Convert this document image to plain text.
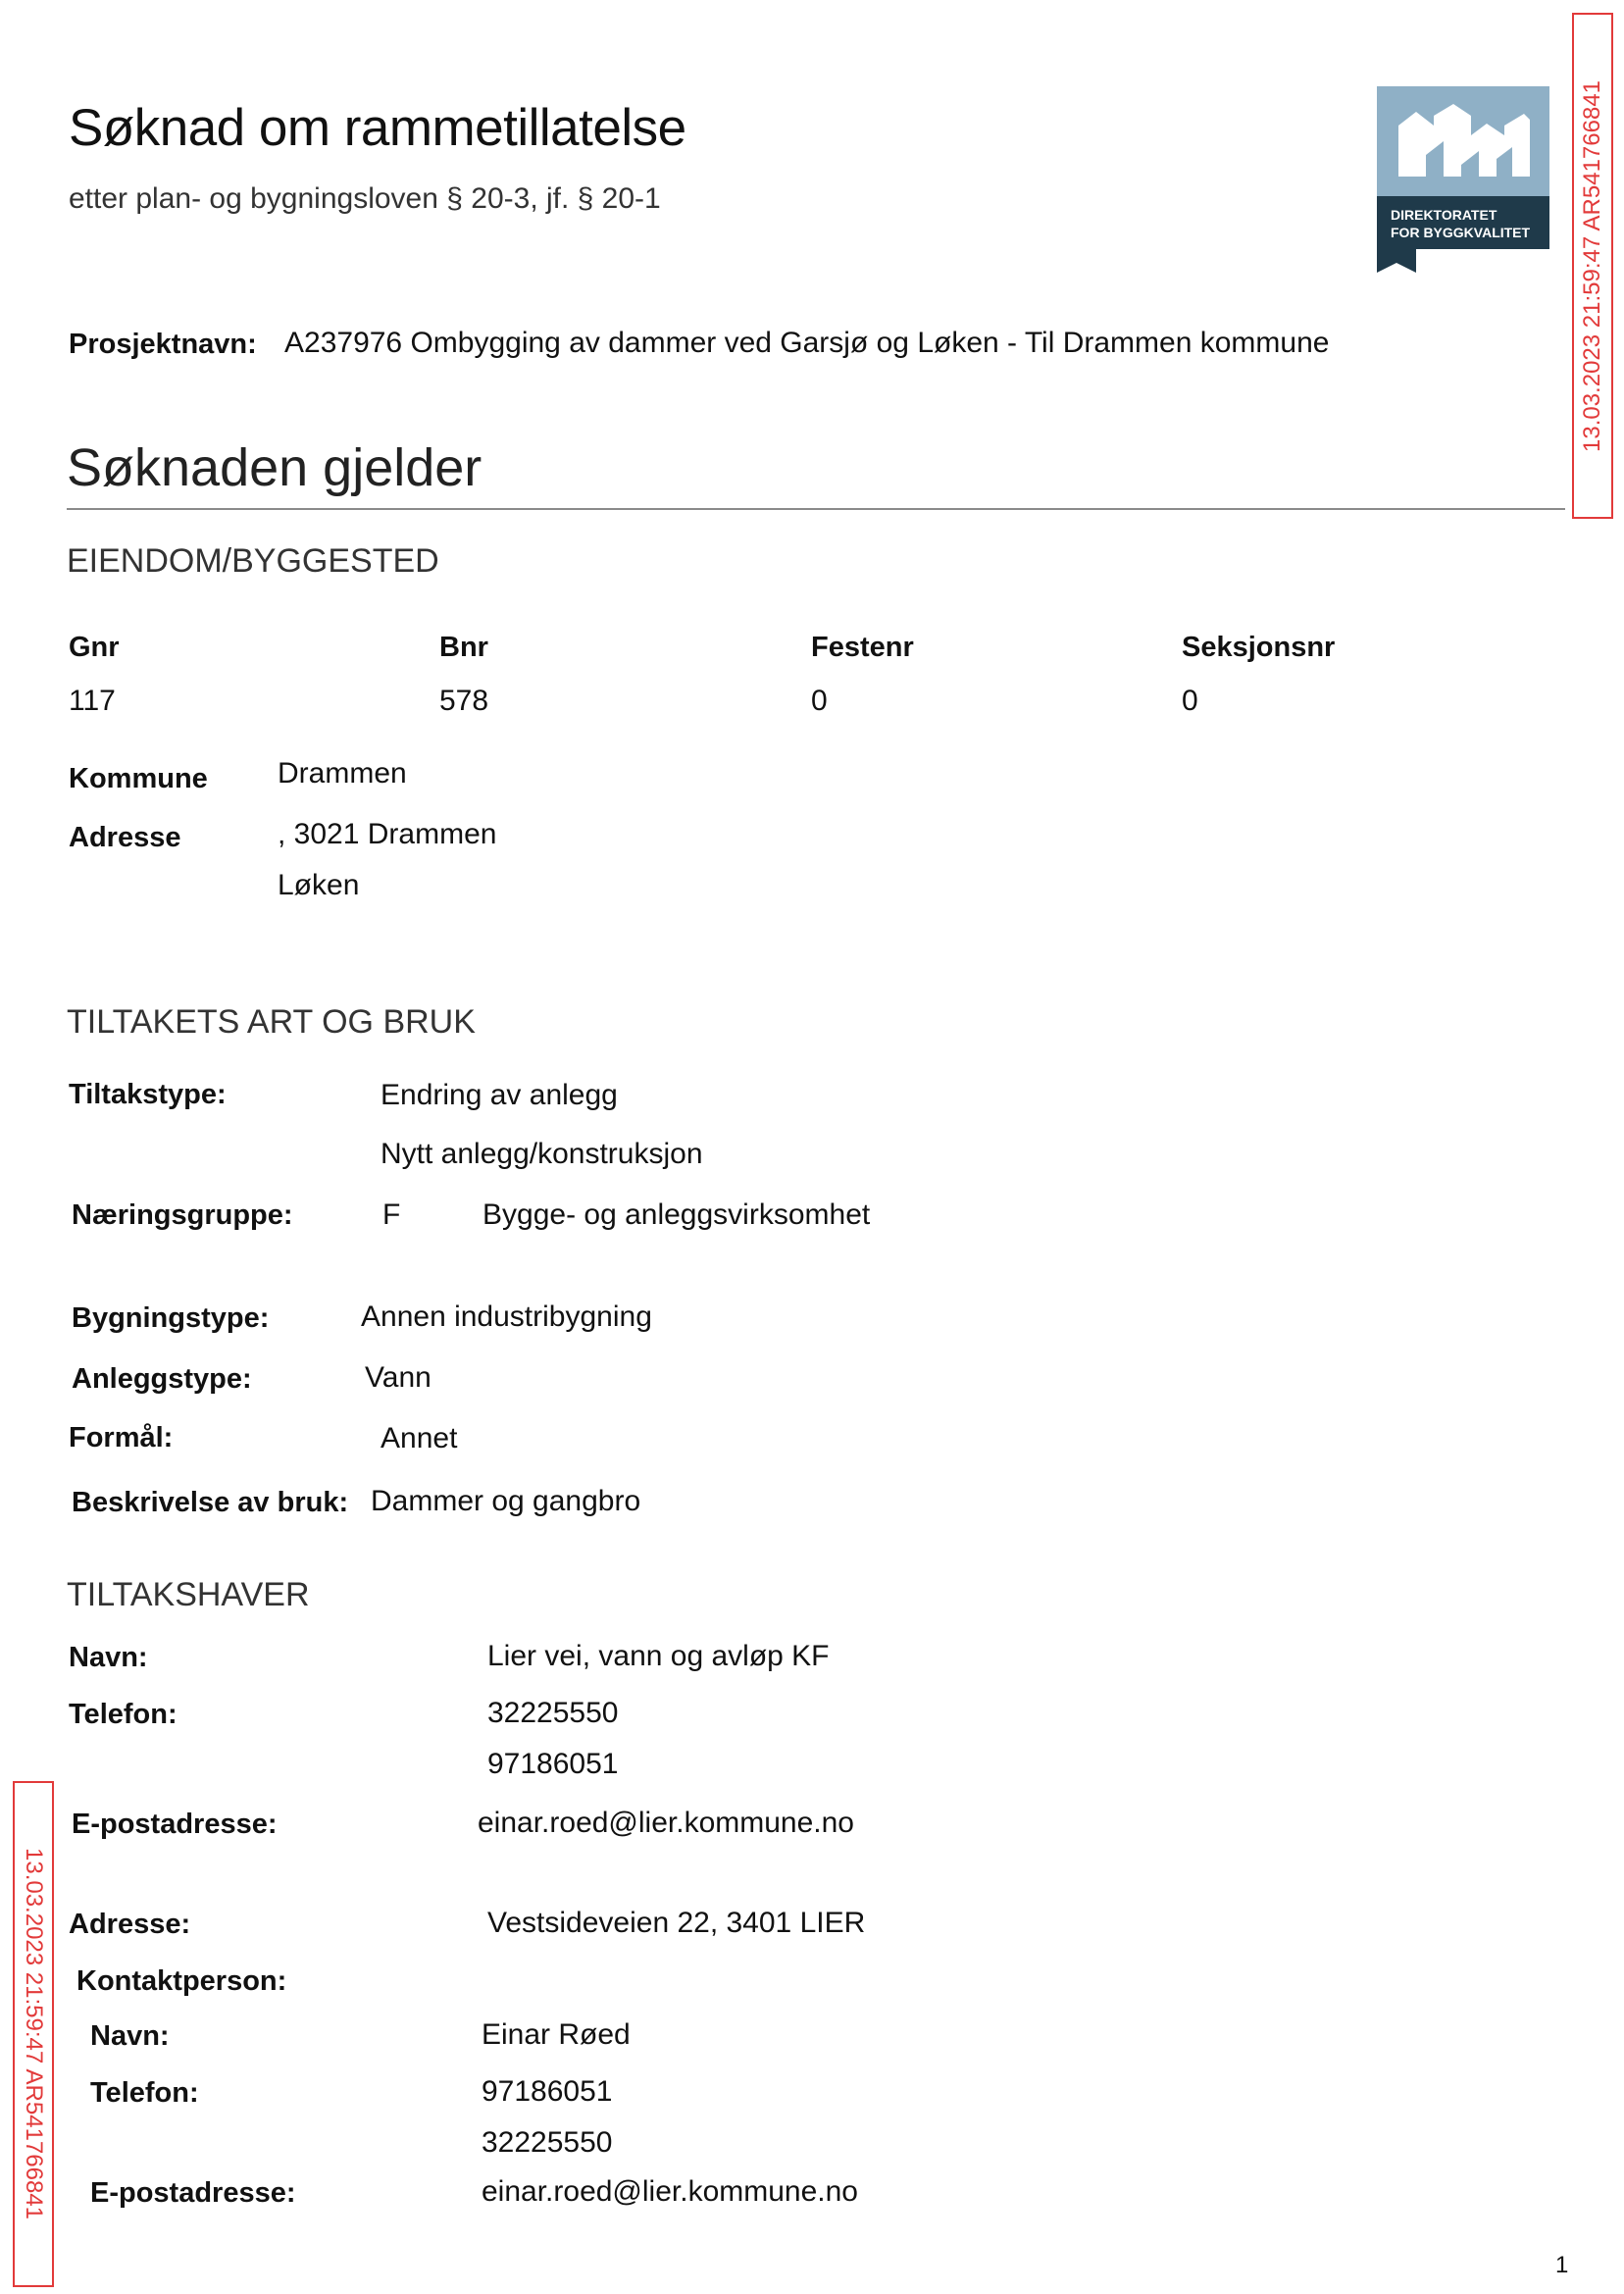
Søknad om rammetillatelse
etter plan- og bygningsloven § 20-3, jf. § 20-1	DIREKTORATET
FOR BYGGKVALITET 13.03.2023 21:59:47 AR541766841
13.03.2023 21:59:47 AR541766841
Prosjektnavn: A237976 Ombygging av dammer ved Garsjø og Løken - Til Drammen kommune
Søknaden gjelder
EIENDOM/BYGGESTED
Gnr	Bnr	Festenr	Seksjonsnr
117	578	0	0
Kommune Drammen
Adresse	, 3021 Drammen
Løken
TILTAKETS ART OG BRUK
Tiltakstype:	Endring av anlegg
Nytt anlegg/konstruksjon
Næringsgruppe:	F	Bygge- og anleggsvirksomhet
Bygningstype:	Annen industribygning
Anleggstype:	Vann
Formål:	Annet
Beskrivelse av bruk: Dammer og gangbro
TILTAKSHAVER
Navn:	Lier vei, vann og avløp KF
Telefon:	32225550
97186051
E-postadresse:	einar.roed@lier.kommune.no
Adresse:	Vestsideveien 22, 3401 LIER
Kontaktperson:
Navn:	Einar Røed
Telefon:	97186051
32225550
E-postadresse:	einar.roed@lier.kommune.no
1
